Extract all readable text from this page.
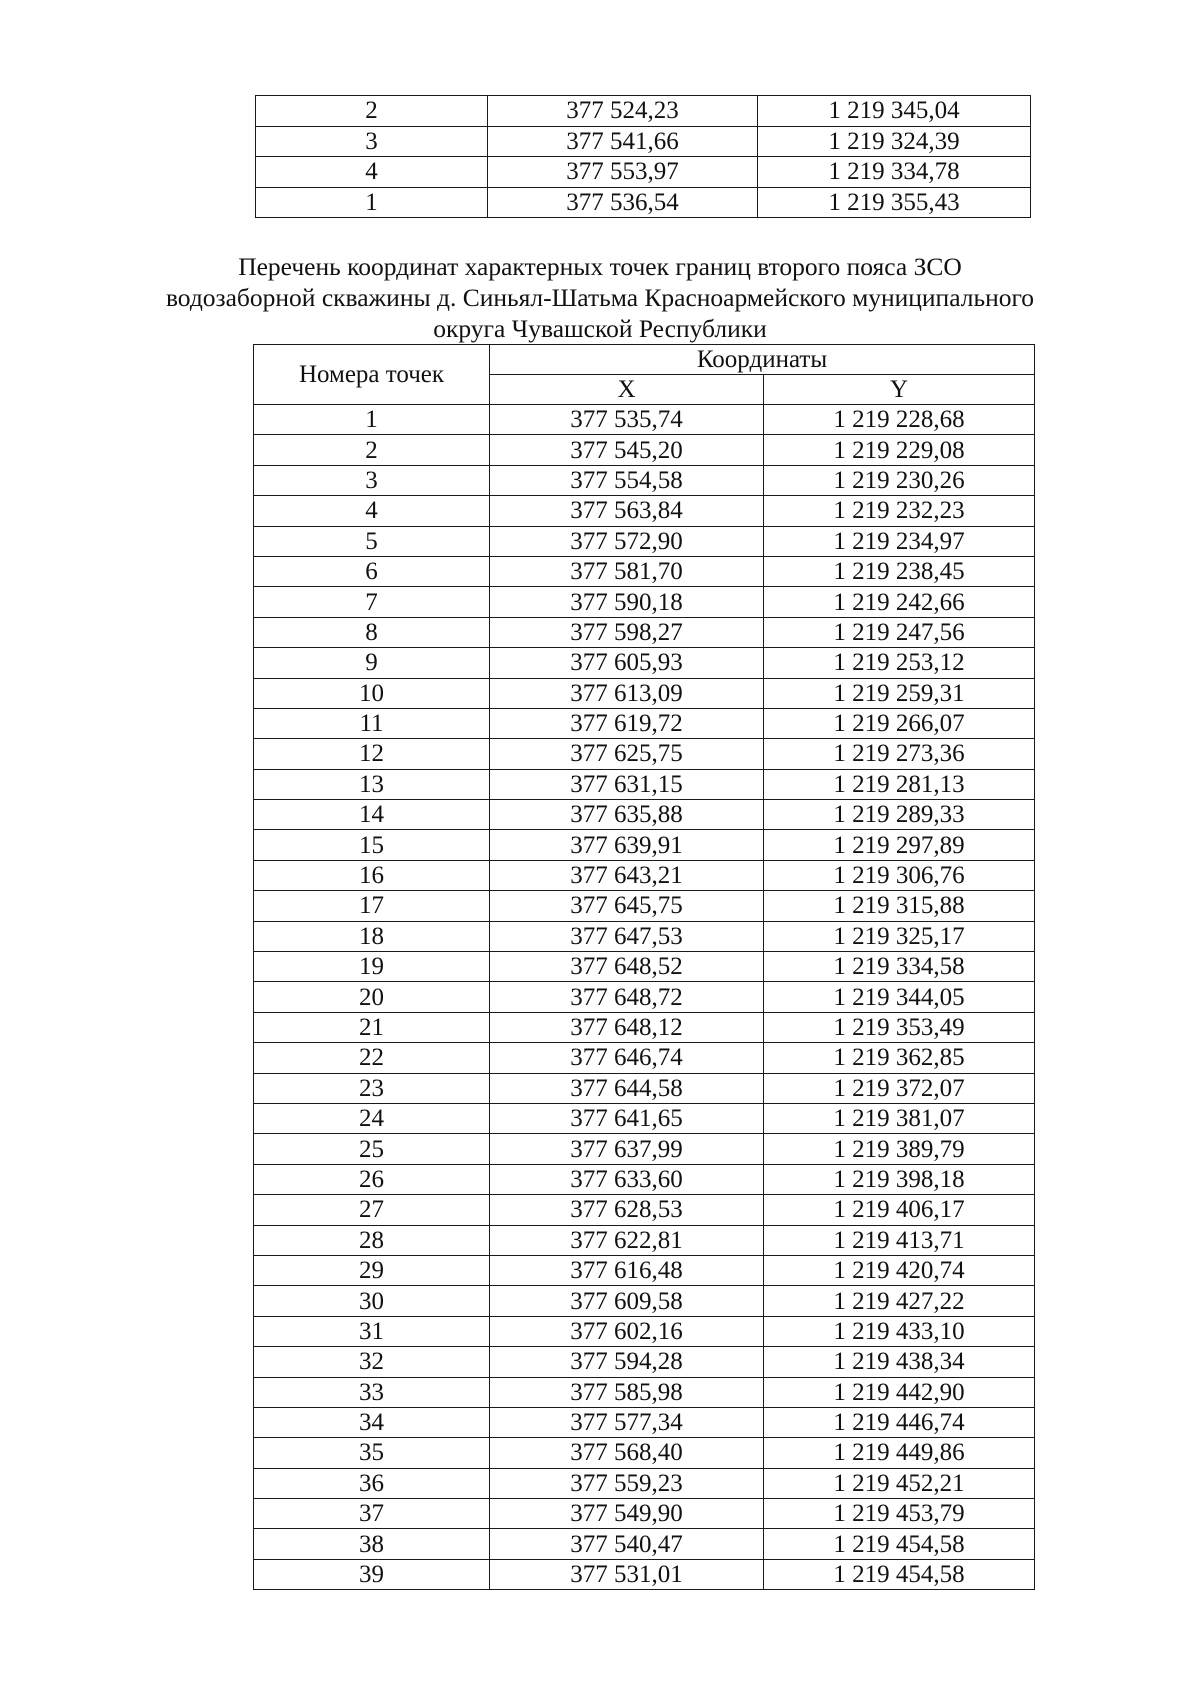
2	377 524,23	1 219 345,04
3	377 541,66	1 219 324,39
4	377 553,97	1 219 334,78
1	377 536,54	1 219 355,43
Перечень координат характерных точек границ второго пояса ЗСО
водозаборной скважины д. Синьял-Шатьма Красноармейского муниципального
округа Чувашской Республики
Номера точек	Координаты	
	X	Y
1	377 535,74	1 219 228,68
2	377 545,20	1 219 229,08
3	377 554,58	1 219 230,26
4	377 563,84	1 219 232,23
5	377 572,90	1 219 234,97
6	377 581,70	1 219 238,45
7	377 590,18	1 219 242,66
8	377 598,27	1 219 247,56
9	377 605,93	1 219 253,12
10	377 613,09	1 219 259,31
11	377 619,72	1 219 266,07
12	377 625,75	1 219 273,36
13	377 631,15	1 219 281,13
14	377 635,88	1 219 289,33
15	377 639,91	1 219 297,89
16	377 643,21	1 219 306,76
17	377 645,75	1 219 315,88
18	377 647,53	1 219 325,17
19	377 648,52	1 219 334,58
20	377 648,72	1 219 344,05
21	377 648,12	1 219 353,49
22	377 646,74	1 219 362,85
23	377 644,58	1 219 372,07
24	377 641,65	1 219 381,07
25	377 637,99	1 219 389,79
26	377 633,60	1 219 398,18
27	377 628,53	1 219 406,17
28	377 622,81	1 219 413,71
29	377 616,48	1 219 420,74
30	377 609,58	1 219 427,22
31	377 602,16	1 219 433,10
32	377 594,28	1 219 438,34
33	377 585,98	1 219 442,90
34	377 577,34	1 219 446,74
35	377 568,40	1 219 449,86
36	377 559,23	1 219 452,21
37	377 549,90	1 219 453,79
38	377 540,47	1 219 454,58
39	377 531,01	1 219 454,58
